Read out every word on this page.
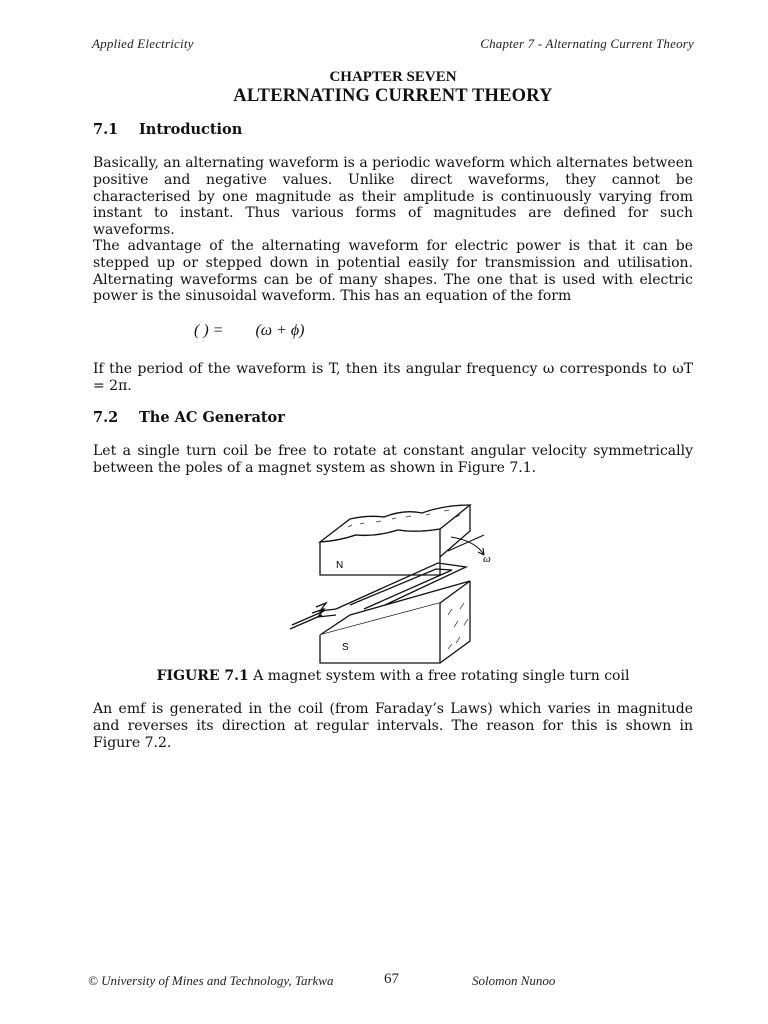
Applied Electricity	Chapter 7 - Alternating Current Theory
CHAPTER SEVEN
ALTERNATING CURRENT THEORY
7.1 Introduction

Basically, an alternating waveform is a periodic waveform which alternates between positive and negative values. Unlike direct waveforms, they cannot be characterised by one magnitude as their amplitude is continuously varying from instant to instant. Thus various forms of magnitudes are defined for such waveforms.

The advantage of the alternating waveform for electric power is that it can be stepped up or stepped down in potential easily for transmission and utilisation. Alternating waveforms can be of many shapes. The one that is used with electric power is the sinusoidal waveform. This has an equation of the form

( ) = (ω + ϕ)

If the period of the waveform is T, then its angular frequency ω corresponds to ωT = 2π.

7.2 The AC Generator

Let a single turn coil be free to rotate at constant angular velocity symmetrically between the poles of a magnet system as shown in Figure 7.1.

ω
N
S
FIGURE 7.1 A magnet system with a free rotating single turn coil

An emf is generated in the coil (from Faraday’s Laws) which varies in magnitude and reverses its direction at regular intervals. The reason for this is shown in Figure 7.2.

© University of Mines and Technology, Tarkwa	67	Solomon Nunoo
